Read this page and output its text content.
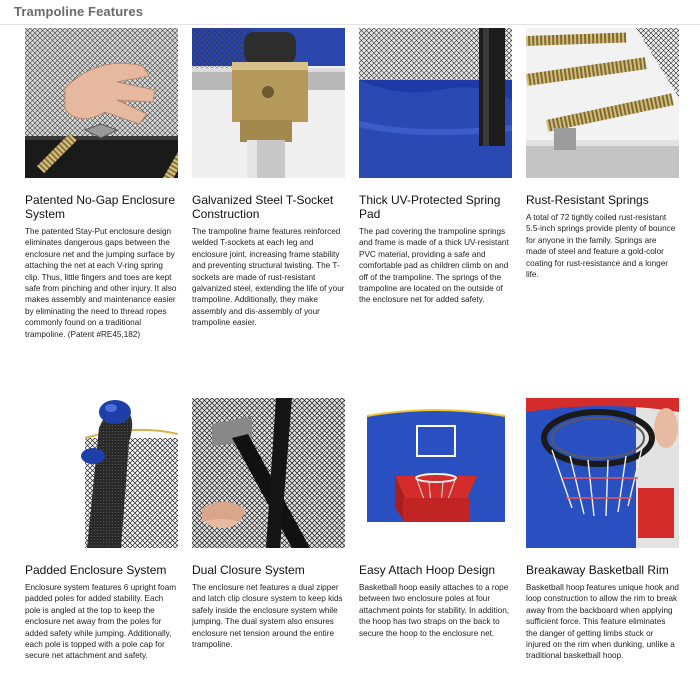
Trampoline Features
Patented No-Gap Enclosure System
The patented Stay-Put enclosure design eliminates dangerous gaps between the enclosure net and the jumping surface by attaching the net at each V-ring spring clip. Thus, little fingers and toes are kept safe from pinching and other injury. It also makes assembly and maintenance easier by eliminating the need to thread ropes commonly found on a traditional trampoline. (Patent #RE45,182)
Galvanized Steel T-Socket Construction
The trampoline frame features reinforced welded T-sockets at each leg and enclosure joint, increasing frame stability and preventing structural twisting. The T-sockets are made of rust-resistant galvanized steel, extending the life of your trampoline. Additionally, they make assembly and dis-assembly of your trampoline easier.
Thick UV-Protected Spring Pad
The pad covering the trampoline springs and frame is made of a thick UV-resistant PVC material, providing a safe and comfortable pad as children climb on and off of the trampoline. The springs of the trampoline are located on the outside of the enclosure net for added safety.
Rust-Resistant Springs
A total of 72 tightly coiled rust-resistant 5.5-inch springs provide plenty of bounce for anyone in the family. Springs are made of steel and feature a gold-color coating for rust-resistance and a longer life.
Padded Enclosure System
Enclosure system features 6 upright foam padded poles for added stability. Each pole is angled at the top to keep the enclosure net away from the poles for added safety while jumping. Additionally, each pole is topped with a pole cap for secure net attachment and safety.
Dual Closure System
The enclosure net features a dual zipper and latch clip closure system to keep kids safely inside the enclosure system while jumping. The dual system also ensures enclosure net tension around the entire trampoline.
Easy Attach Hoop Design
Basketball hoop easily attaches to a rope between two enclosure poles at four attachment points for stability. In addition, the hoop has two straps on the back to secure the hoop to the enclosure net.
Breakaway Basketball Rim
Basketball hoop features unique hook and loop construction to allow the rim to break away from the backboard when applying sufficient force. This feature eliminates the danger of getting limbs stuck or injured on the rim when dunking, unlike a traditional basketball hoop.
